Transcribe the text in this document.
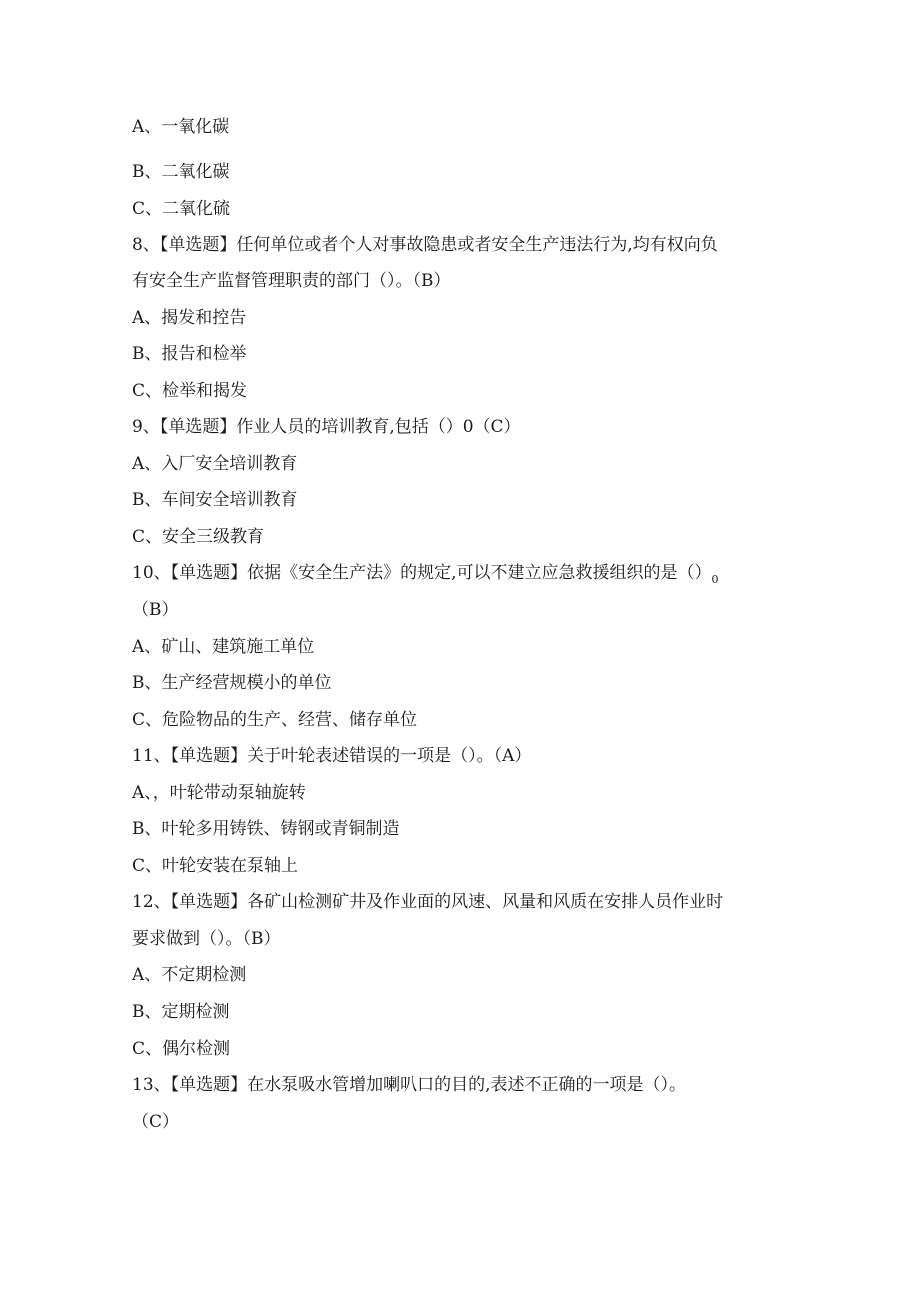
A、一氧化碳
B、二氧化碳
C、二氧化硫
8、【单选题】任何单位或者个人对事故隐患或者安全生产违法行为,均有权向负
有安全生产监督管理职责的部门（）。（B）
A、揭发和控告
B、报告和检举
C、检举和揭发
9、【单选题】作业人员的培训教育,包括（）0（C）
A、入厂安全培训教育
B、车间安全培训教育
C、安全三级教育
10、【单选题】依据《安全生产法》的规定,可以不建立应急救援组织的是$()_0$
（B）
A、矿山、建筑施工单位
B、生产经营规模小的单位
C、危险物品的生产、经营、储存单位
11、【单选题】关于叶轮表述错误的一项是（）。（A）
A、，叶轮带动泵轴旋转
B、叶轮多用铸铁、铸钢或青铜制造
C、叶轮安装在泵轴上
12、【单选题】各矿山检测矿井及作业面的风速、风量和风质在安排人员作业时
要求做到（）。（B）
A、不定期检测
B、定期检测
C、偶尔检测
13、【单选题】在水泵吸水管增加喇叭口的目的,表述不正确的一项是（）。
（C）
